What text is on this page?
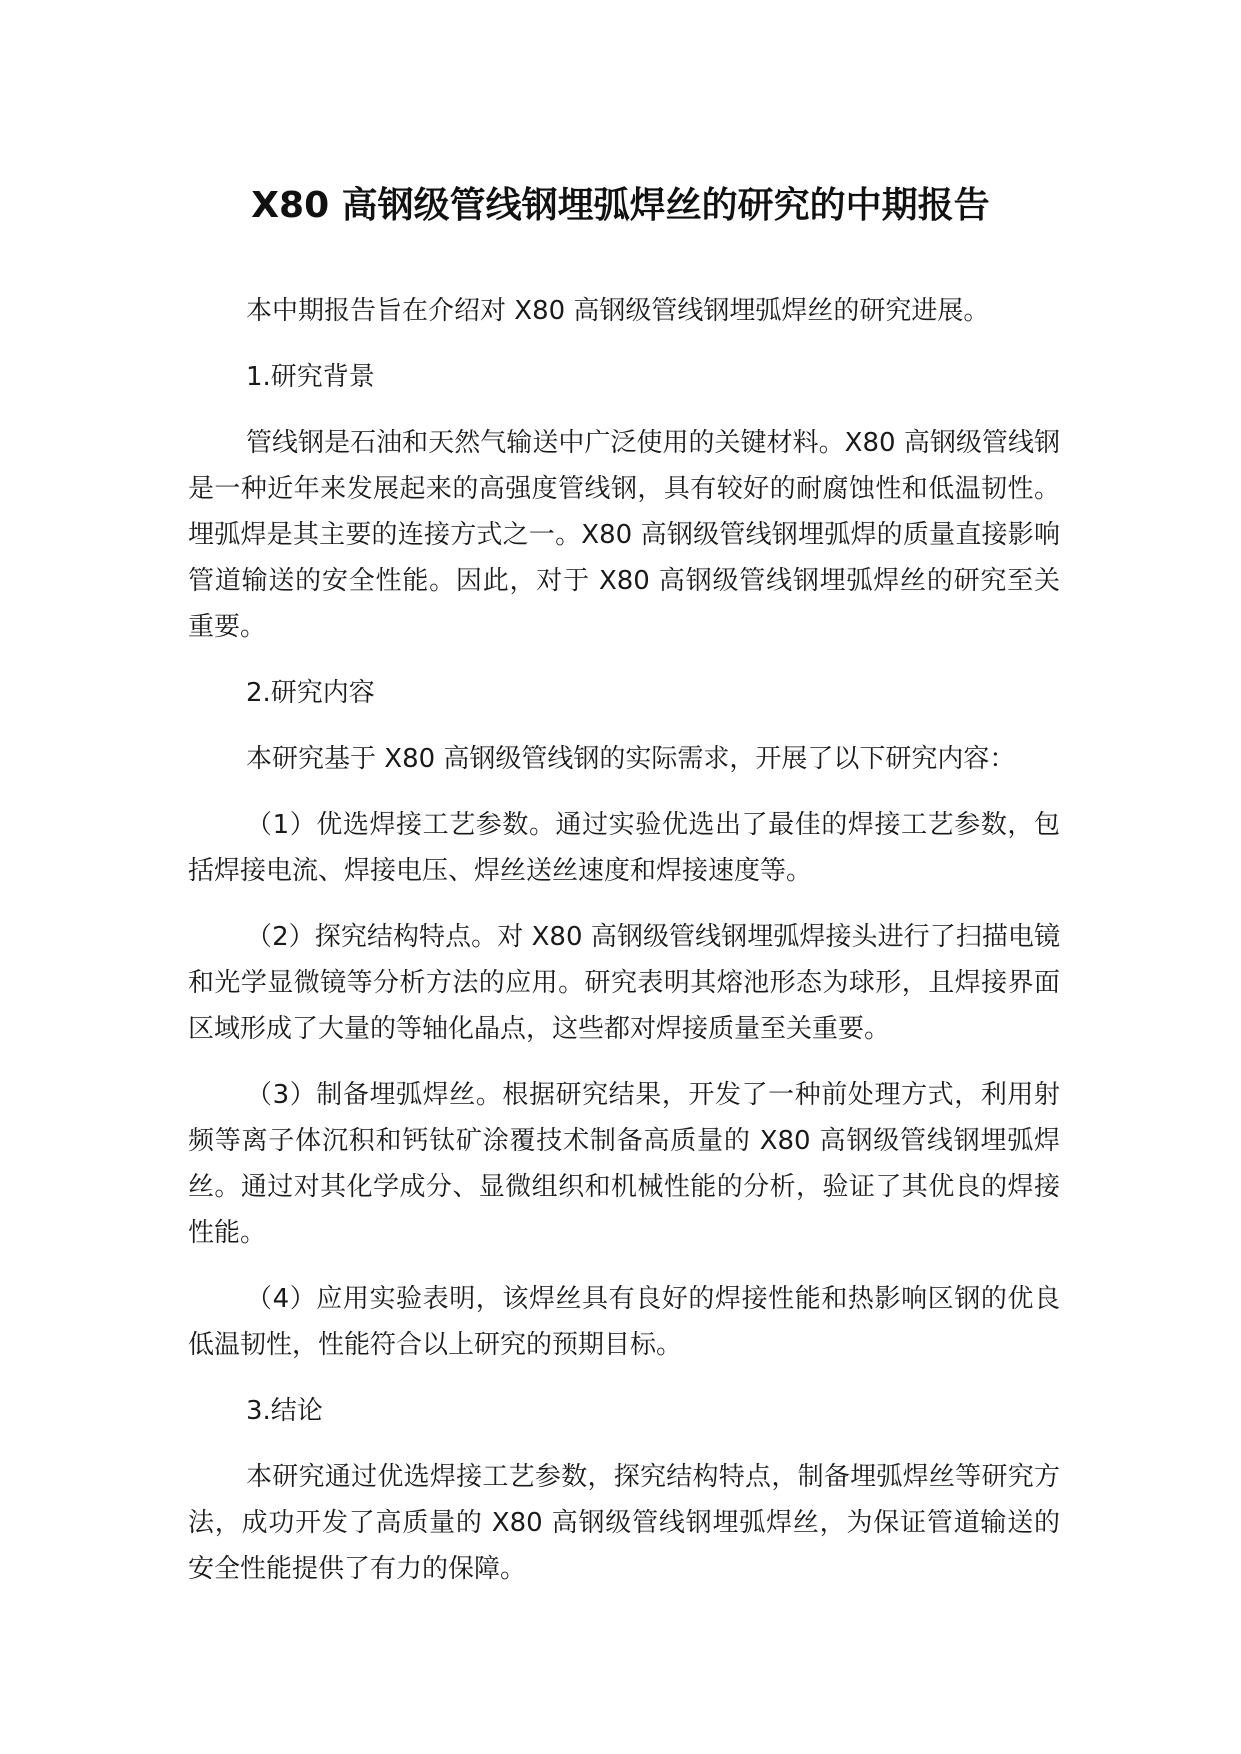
X80 高钢级管线钢埋弧焊丝的研究的中期报告

本中期报告旨在介绍对 X80 高钢级管线钢埋弧焊丝的研究进展。

1.研究背景

管线钢是石油和天然气输送中广泛使用的关键材料。X80 高钢级管线钢是一种近年来发展起来的高强度管线钢，具有较好的耐腐蚀性和低温韧性。埋弧焊是其主要的连接方式之一。X80 高钢级管线钢埋弧焊的质量直接影响管道输送的安全性能。因此，对于 X80 高钢级管线钢埋弧焊丝的研究至关重要。

2.研究内容

本研究基于 X80 高钢级管线钢的实际需求，开展了以下研究内容：

（1）优选焊接工艺参数。通过实验优选出了最佳的焊接工艺参数，包括焊接电流、焊接电压、焊丝送丝速度和焊接速度等。

（2）探究结构特点。对 X80 高钢级管线钢埋弧焊接头进行了扫描电镜和光学显微镜等分析方法的应用。研究表明其熔池形态为球形，且焊接界面区域形成了大量的等轴化晶点，这些都对焊接质量至关重要。

（3）制备埋弧焊丝。根据研究结果，开发了一种前处理方式，利用射频等离子体沉积和钙钛矿涂覆技术制备高质量的 X80 高钢级管线钢埋弧焊丝。通过对其化学成分、显微组织和机械性能的分析，验证了其优良的焊接性能。

（4）应用实验表明，该焊丝具有良好的焊接性能和热影响区钢的优良低温韧性，性能符合以上研究的预期目标。

3.结论

本研究通过优选焊接工艺参数，探究结构特点，制备埋弧焊丝等研究方法，成功开发了高质量的 X80 高钢级管线钢埋弧焊丝，为保证管道输送的安全性能提供了有力的保障。
